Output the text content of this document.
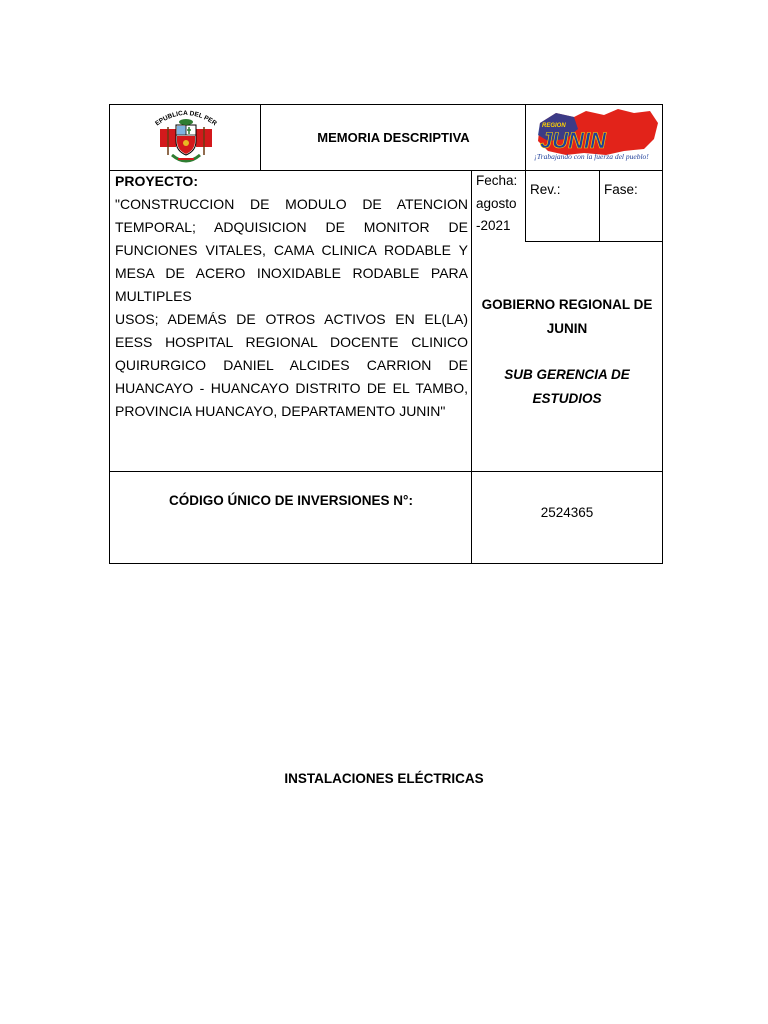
EPUBLICA DEL PER
MEMORIA DESCRIPTIVA
REGION
JUNIN
¡Trabajando con la fuerza del pueblo!
PROYECTO:
"CONSTRUCCION DE MODULO DE ATENCION TEMPORAL; ADQUISICION DE MONITOR DE FUNCIONES VITALES, CAMA CLINICA RODABLE Y MESA DE ACERO INOXIDABLE RODABLE PARA MULTIPLES
USOS; ADEMÁS DE OTROS ACTIVOS EN EL(LA) EESS HOSPITAL REGIONAL DOCENTE CLINICO QUIRURGICO DANIEL ALCIDES CARRION DE HUANCAYO - HUANCAYO DISTRITO DE EL TAMBO, PROVINCIA HUANCAYO, DEPARTAMENTO JUNIN"
Fecha:
agosto
-2021
Rev.:	Fase:
GOBIERNO REGIONAL DE
JUNIN
SUB GERENCIA DE
ESTUDIOS
CÓDIGO ÚNICO DE INVERSIONES N°:
2524365
INSTALACIONES ELÉCTRICAS
